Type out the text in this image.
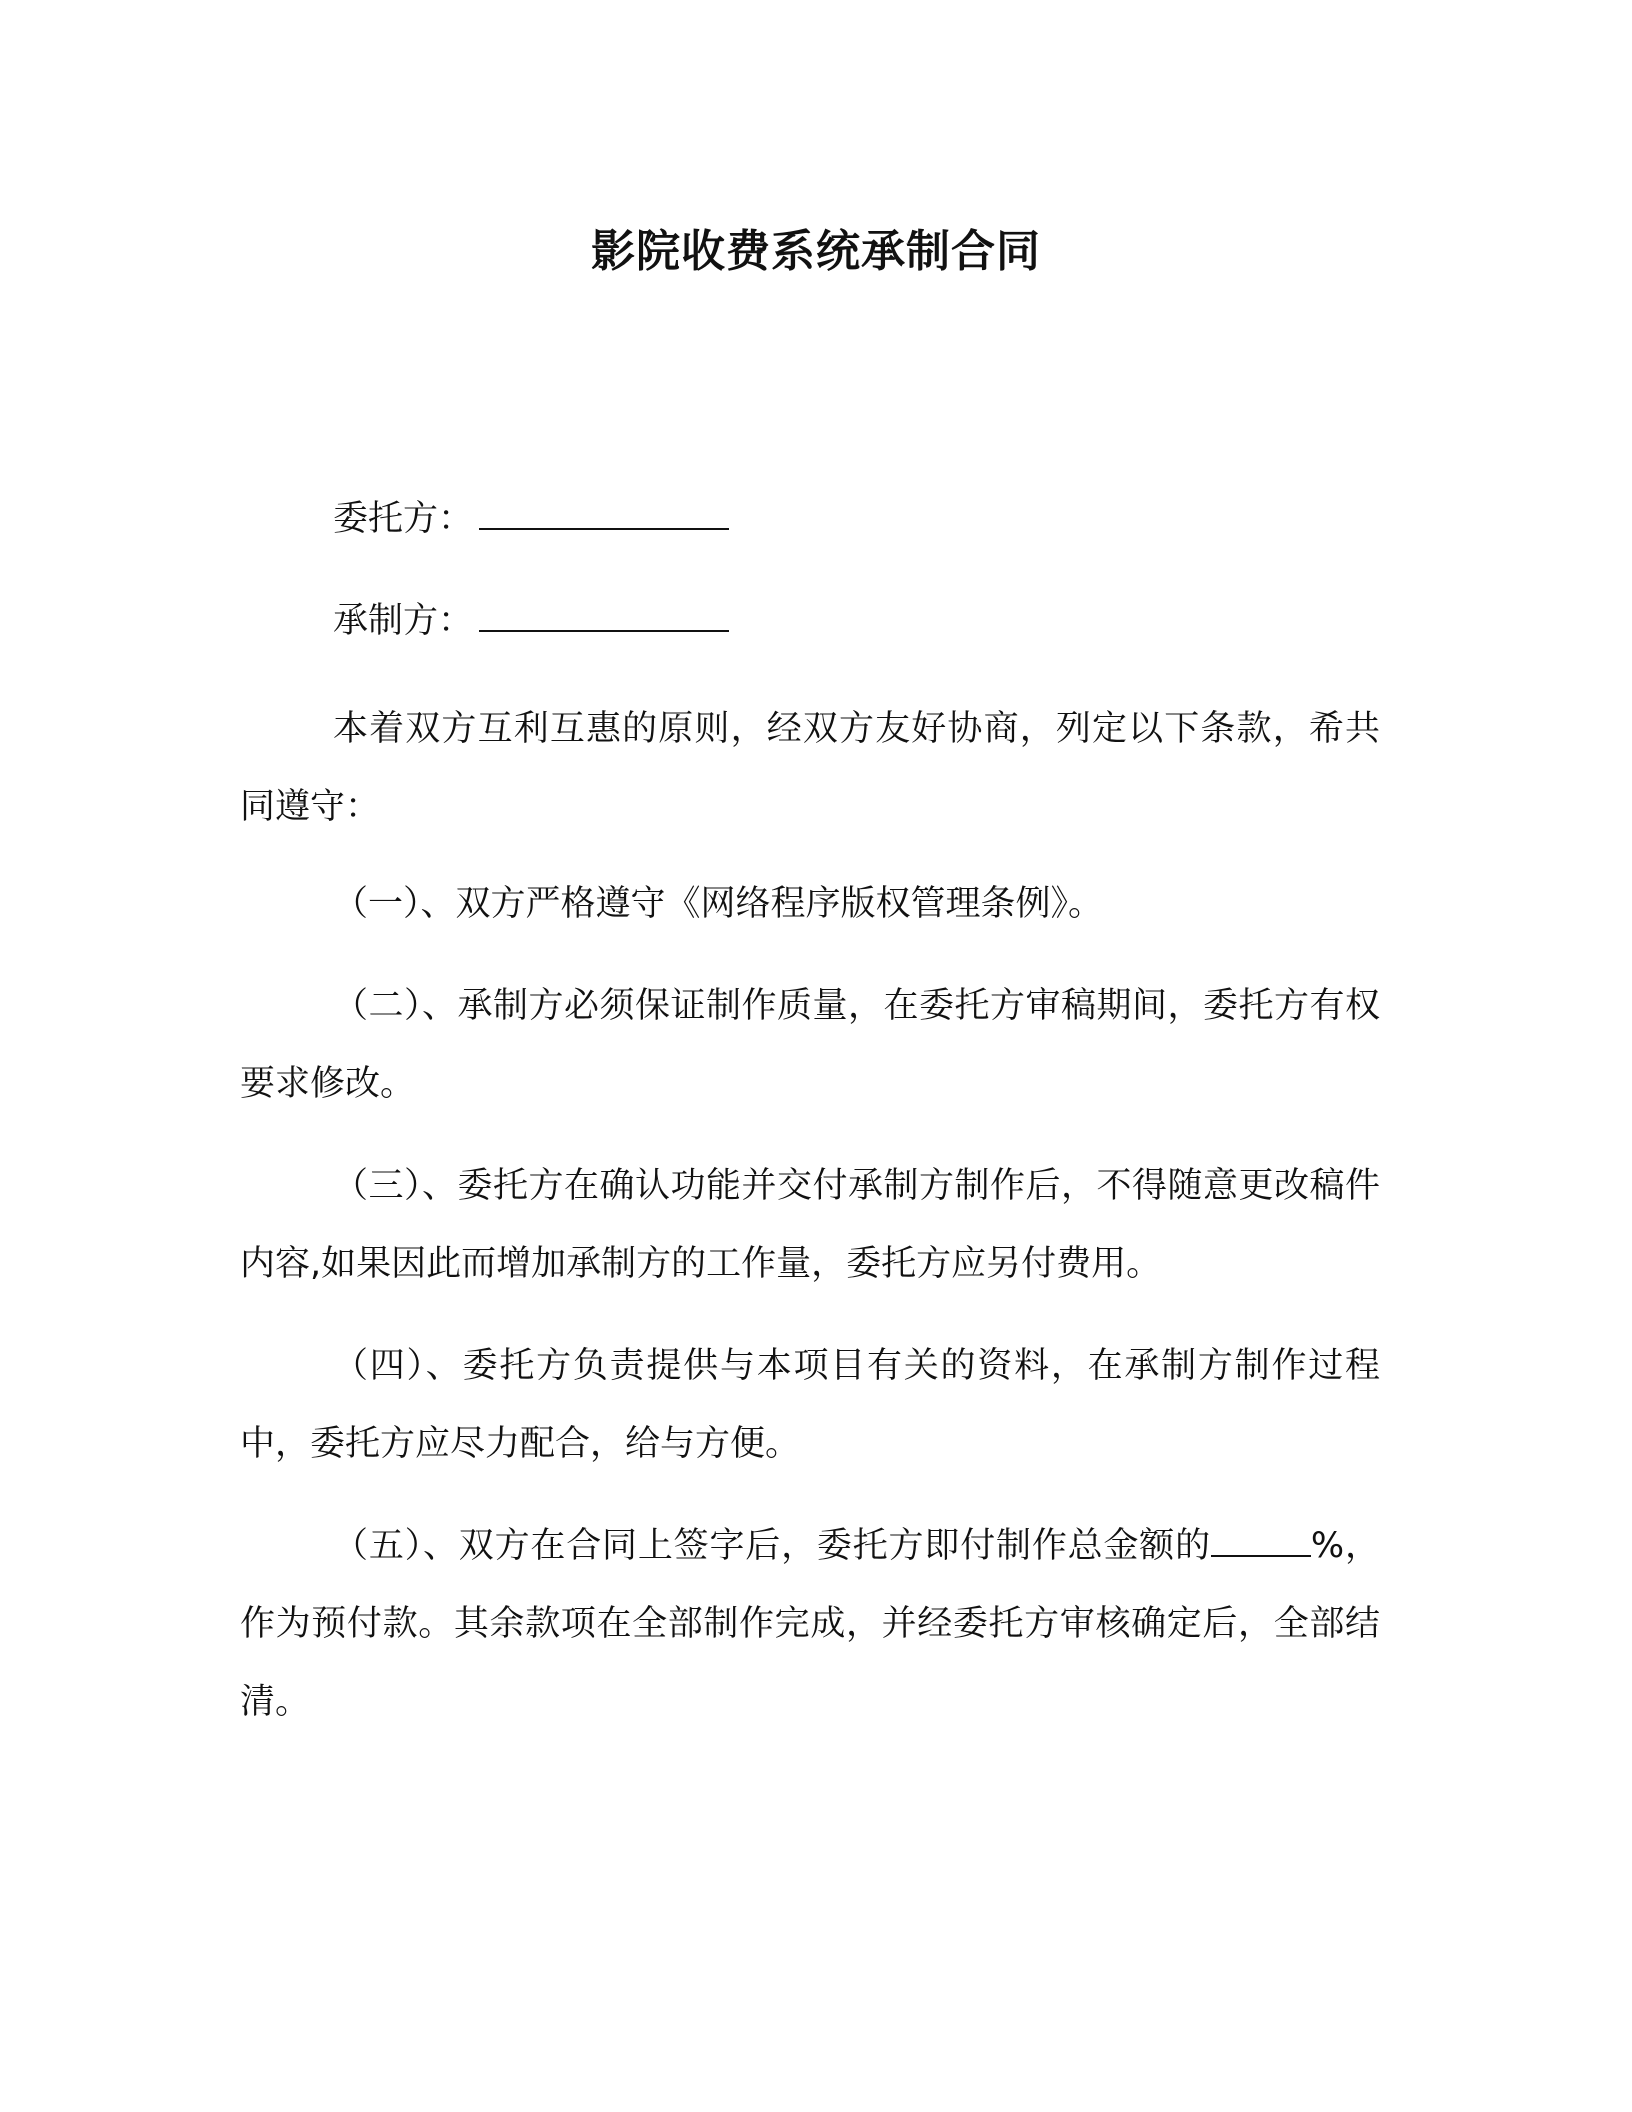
影院收费系统承制合同
委托方：
承制方：
本着双方互利互惠的原则，经双方友好协商，列定以下条款，希共同遵守：
（一）、双方严格遵守《网络程序版权管理条例》。
（二）、承制方必须保证制作质量，在委托方审稿期间，委托方有权要求修改。
（三）、委托方在确认功能并交付承制方制作后，不得随意更改稿件内容,如果因此而增加承制方的工作量，委托方应另付费用。
（四）、委托方负责提供与本项目有关的资料，在承制方制作过程中，委托方应尽力配合，给与方便。
（五）、双方在合同上签字后，委托方即付制作总金额的	%，作为预付款。其余款项在全部制作完成，并经委托方审核确定后，全部结清。
